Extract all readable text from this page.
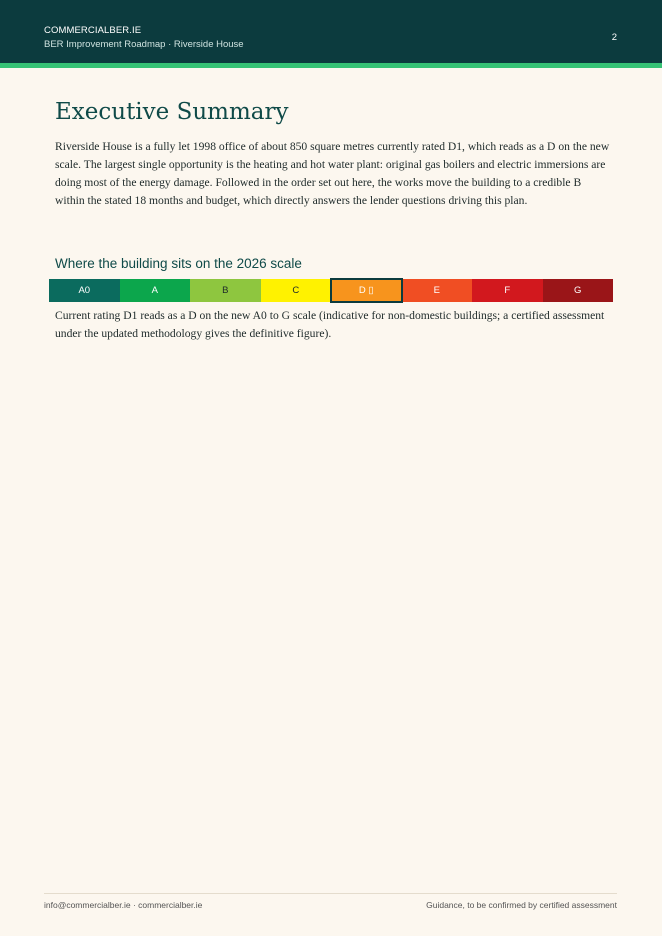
COMMERCIALBER.IE
BER Improvement Roadmap · Riverside House
2
Executive Summary

Riverside House is a fully let 1998 office of about 850 square metres currently rated D1, which reads as a D on the new scale. The largest single opportunity is the heating and hot water plant: original gas boilers and electric immersions are doing most of the energy damage. Followed in the order set out here, the works move the building to a credible B within the stated 18 months and budget, which directly answers the lender questions driving this plan.

Where the building sits on the 2026 scale
A0	A	B	C	D ▯	E	F	G

Current rating D1 reads as a D on the new A0 to G scale (indicative for non-domestic buildings; a certified assessment under the updated methodology gives the definitive figure).

info@commercialber.ie · commercialber.ie	Guidance, to be confirmed by certified assessment
